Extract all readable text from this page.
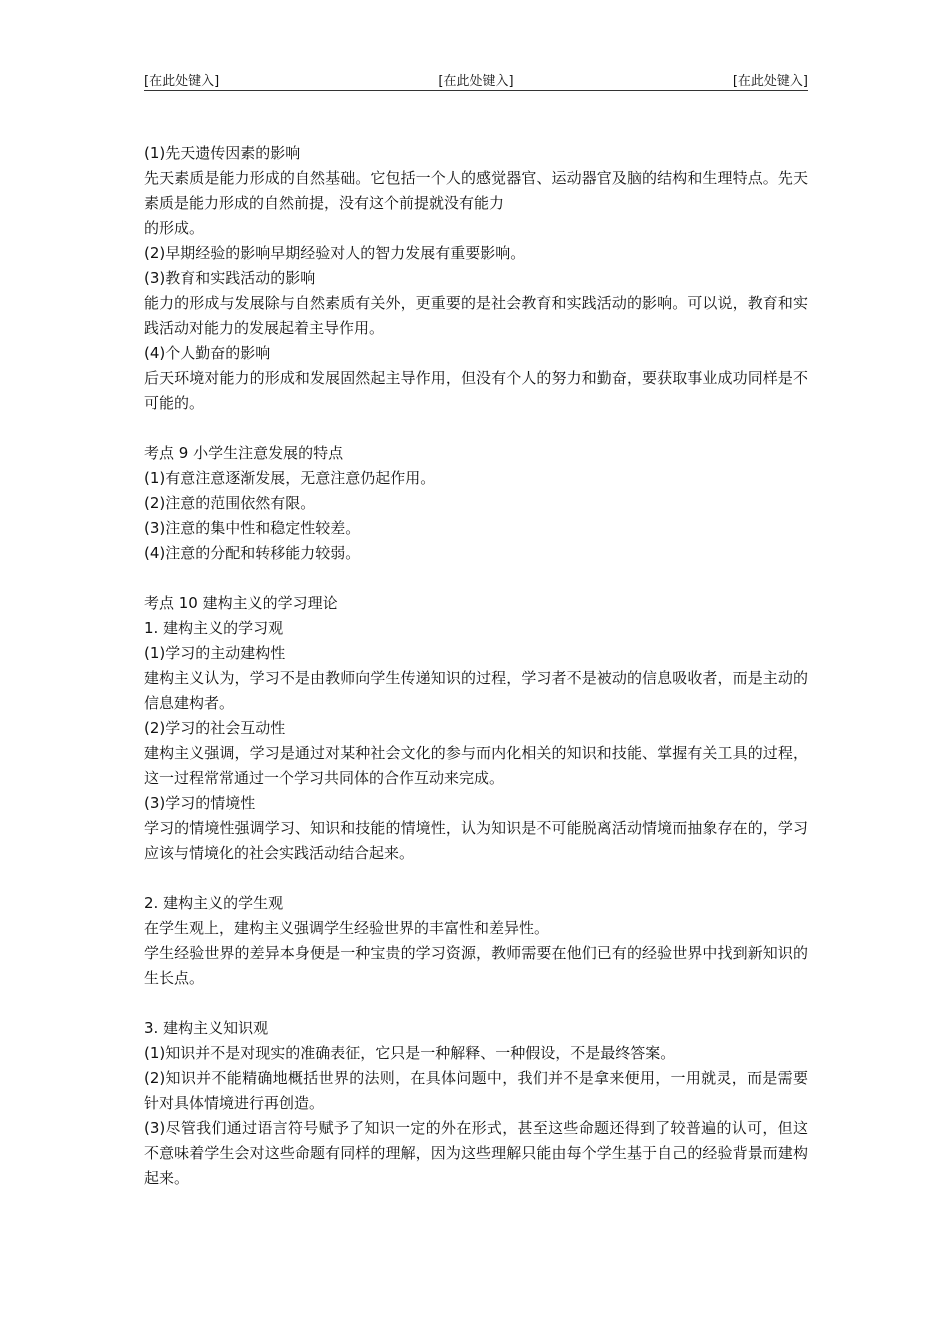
[在此处键入]	[在此处键入]	[在此处键入]

(1)先天遗传因素的影响

先天素质是能力形成的自然基础。它包括一个人的感觉器官、运动器官及脑的结构和生理特点。先天素质是能力形成的自然前提，没有这个前提就没有能力

的形成。

(2)早期经验的影响早期经验对人的智力发展有重要影响。

(3)教育和实践活动的影响

能力的形成与发展除与自然素质有关外，更重要的是社会教育和实践活动的影响。可以说，教育和实践活动对能力的发展起着主导作用。

(4)个人勤奋的影响

后天环境对能力的形成和发展固然起主导作用，但没有个人的努力和勤奋，要获取事业成功同样是不可能的。

考点 9 小学生注意发展的特点

(1)有意注意逐渐发展，无意注意仍起作用。

(2)注意的范围依然有限。

(3)注意的集中性和稳定性较差。

(4)注意的分配和转移能力较弱。

考点 10 建构主义的学习理论

1. 建构主义的学习观

(1)学习的主动建构性

建构主义认为，学习不是由教师向学生传递知识的过程，学习者不是被动的信息吸收者，而是主动的信息建构者。

(2)学习的社会互动性

建构主义强调，学习是通过对某种社会文化的参与而内化相关的知识和技能、掌握有关工具的过程，这一过程常常通过一个学习共同体的合作互动来完成。

(3)学习的情境性

学习的情境性强调学习、知识和技能的情境性，认为知识是不可能脱离活动情境而抽象存在的，学习应该与情境化的社会实践活动结合起来。

2. 建构主义的学生观

在学生观上，建构主义强调学生经验世界的丰富性和差异性。

学生经验世界的差异本身便是一种宝贵的学习资源，教师需要在他们已有的经验世界中找到新知识的生长点。

3. 建构主义知识观

(1)知识并不是对现实的准确表征，它只是一种解释、一种假设，不是最终答案。

(2)知识并不能精确地概括世界的法则，在具体问题中，我们并不是拿来便用，一用就灵，而是需要针对具体情境进行再创造。

(3)尽管我们通过语言符号赋予了知识一定的外在形式，甚至这些命题还得到了较普遍的认可，但这不意味着学生会对这些命题有同样的理解，因为这些理解只能由每个学生基于自己的经验背景而建构起来。
